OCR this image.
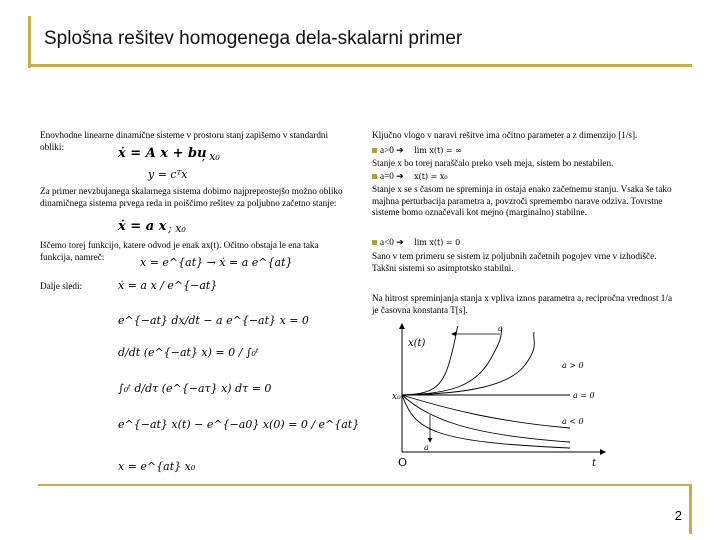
Splošna rešitev homogenega dela-skalarni primer
Enovhodne linearne dinamične sisteme v prostoru stanj zapišemo v standardni obliki:	ẋ = A x + bu
; x₀
y = cᵀx
Za primer nevzbujanega skalarnega sistema dobimo najpreprostejšo možno obliko dinamičnega sistema prvega reda in poiščimo rešitev za poljubno začetno stanje:
ẋ = a x ; x₀
Iščemo torej funkcijo, katere odvod je enak ax(t). Očitno obstaja le ena taka funkcija, namreč:	x = e^{at} → ẋ = a e^{at}
Dalje sledi:	ẋ = a x / e^{−at}
e^{−at} dx/dt − a e^{−at} x = 0
d/dt (e^{−at} x) = 0 / ∫₀ᵗ
∫₀ᵗ d/dτ (e^{−aτ} x) dτ = 0
e^{−at} x(t) − e^{−a0} x(0) = 0 / e^{at}
x = e^{at} x₀
Ključno vlogo v naravi rešitve ima očitno parameter a z dimenzijo [1/s].
a>0 ➔ lim x(t) = ∞
Stanje x bo torej naraščalo preko vseh meja, sistem bo nestabilen.
a=0 ➔ x(t) = x₀
Stanje x se s časom ne spreminja in ostaja enako začetnemu stanju. Vsaka še tako majhna perturbacija parametra a, povzroči spremembo narave odziva. Tovrstne sisteme bomo označevali kot mejno (marginalno) stabilne.
a<0 ➔ lim x(t) = 0
Sano v tem primeru se sistem iz poljubnih začetnih pogojev vrne v izhodišče. Takšni sistemi so asimptotsko stabilni.
Na hitrost spreminjanja stanja x vpliva iznos parametra a, recipročna vrednost 1/a je časovna konstanta T[s].
x(t)
x₀
O	t
a > 0
a = 0
a < 0
a
a
2
